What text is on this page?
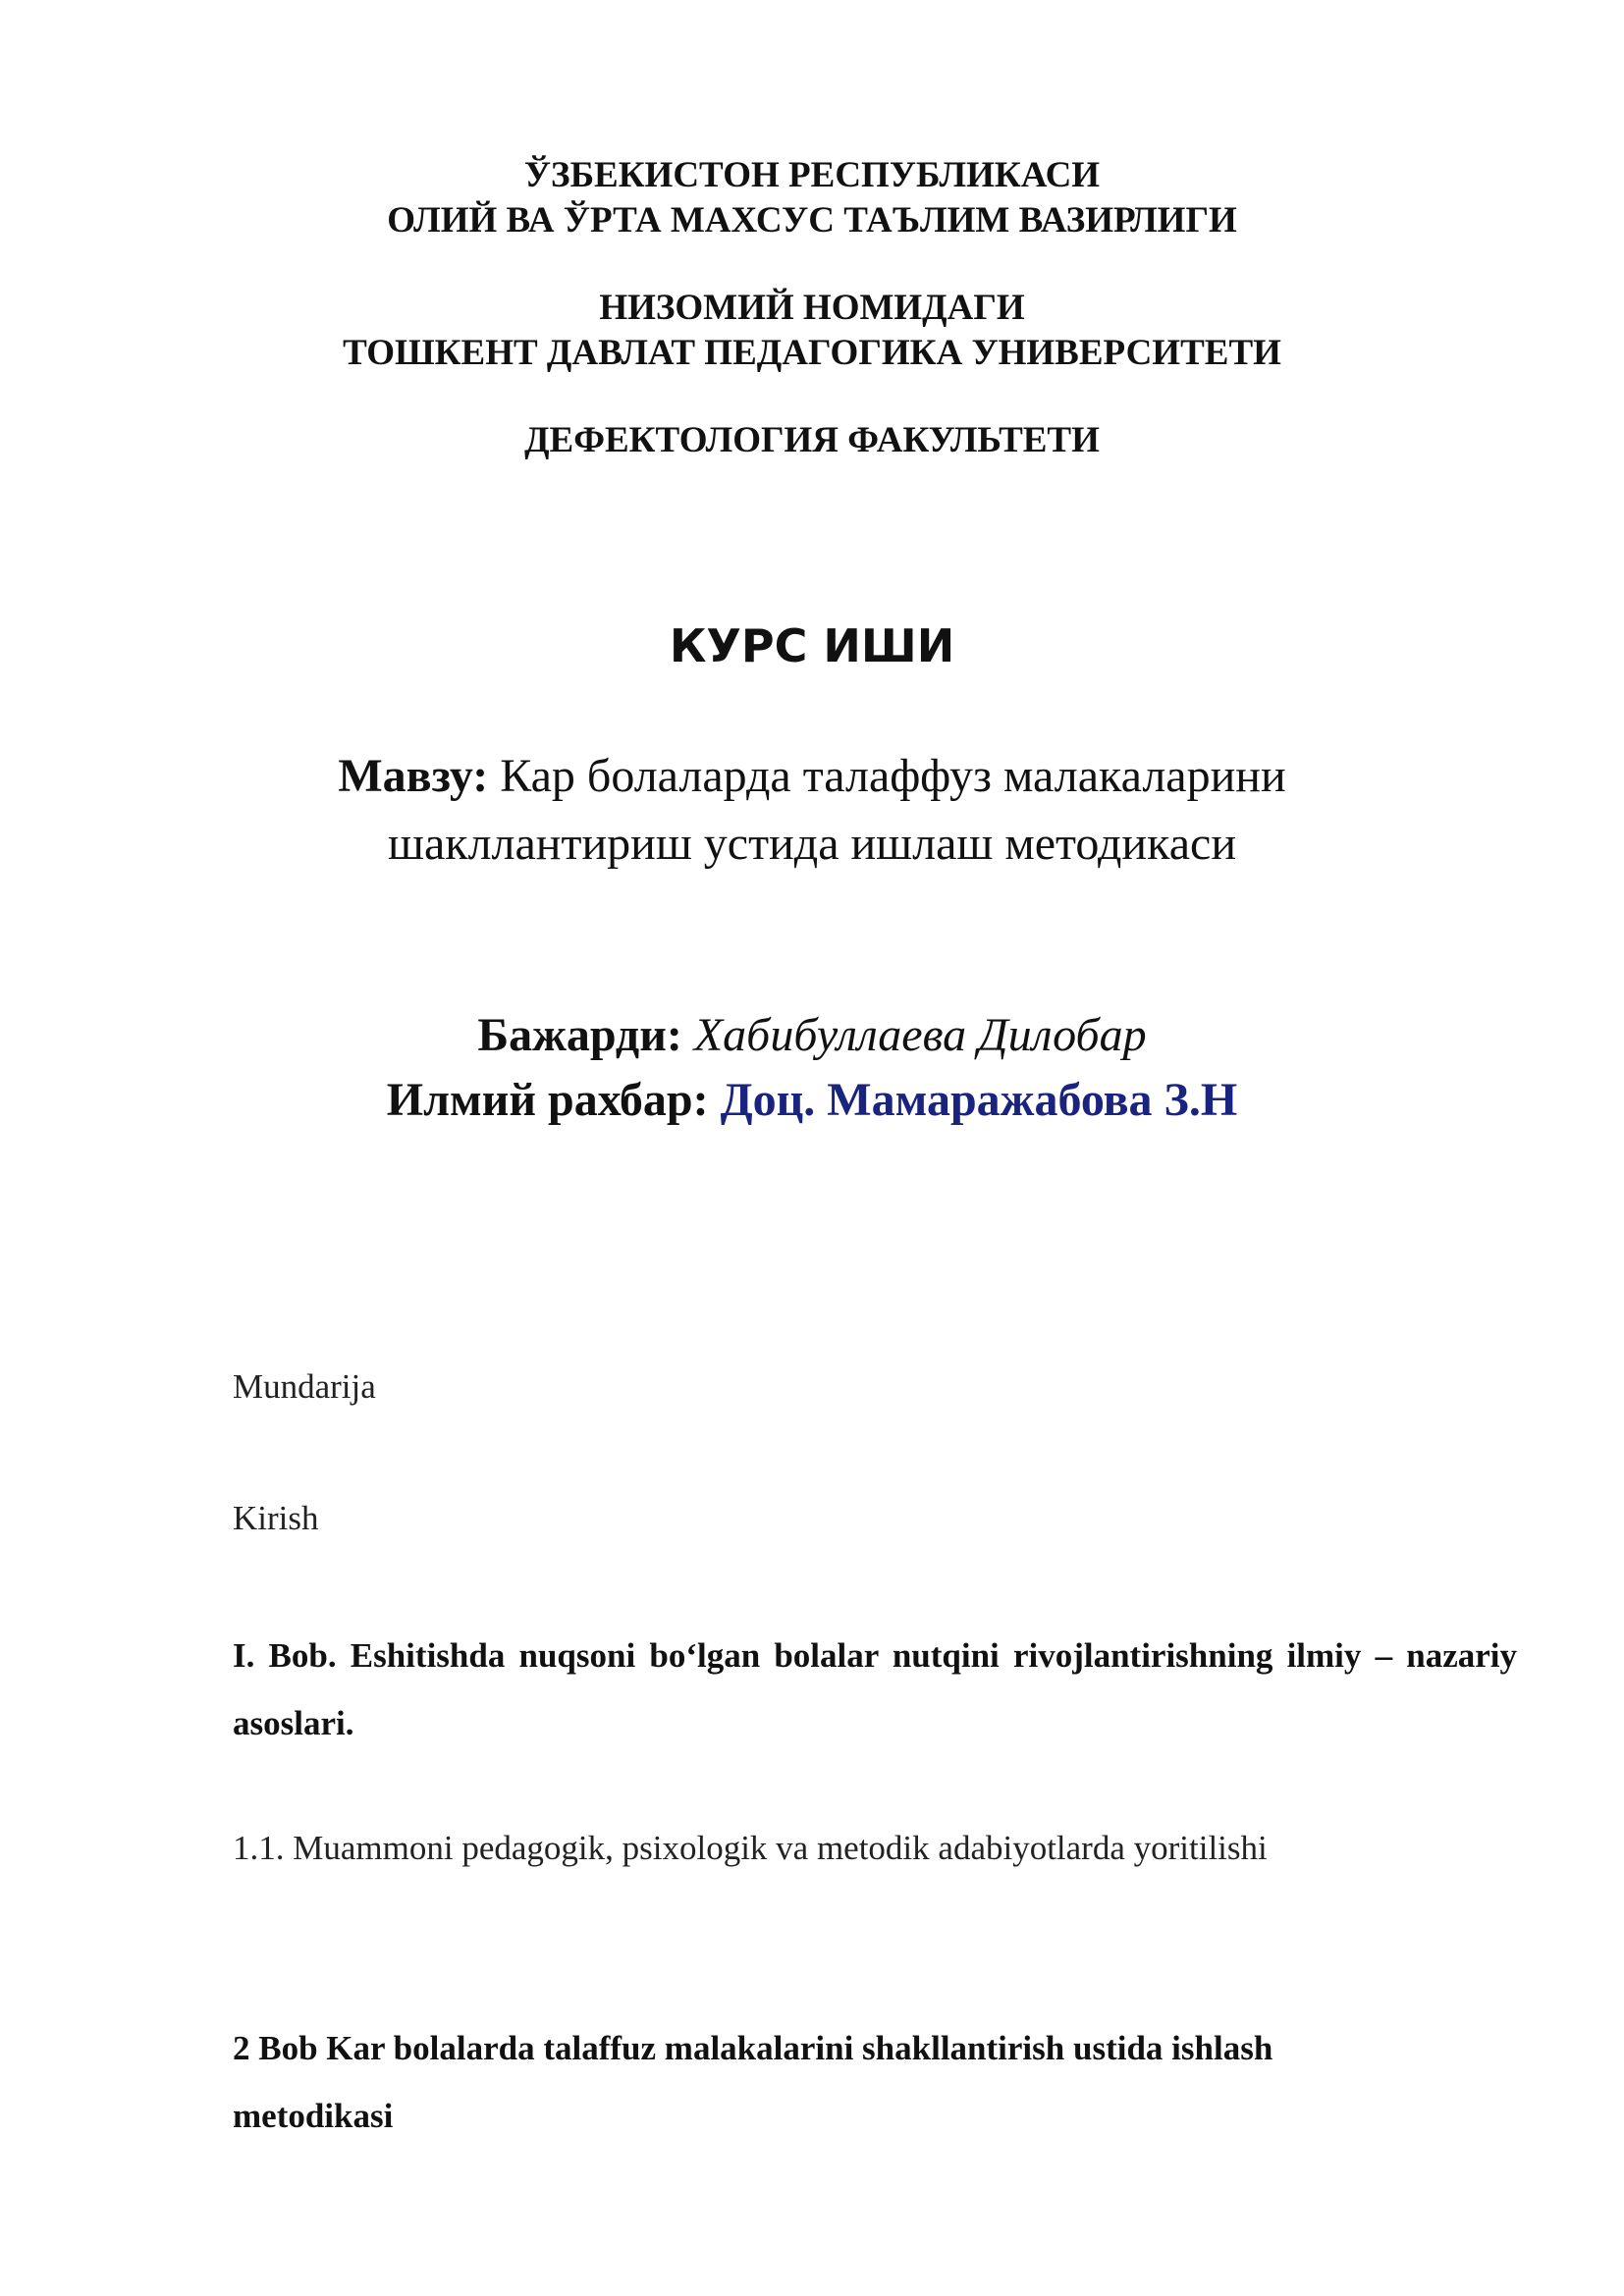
ЎЗБЕКИСТОН РЕСПУБЛИКАСИ
ОЛИЙ ВА ЎРТА МАХСУС ТАЪЛИМ ВАЗИРЛИГИ
НИЗОМИЙ НОМИДАГИ
ТОШКЕНТ ДАВЛАТ ПЕДАГОГИКА УНИВЕРСИТЕТИ
ДЕФЕКТОЛОГИЯ ФАКУЛЬТЕТИ
КУРС ИШИ
Мавзу: Кар болаларда талаффуз малакаларини
шакллантириш устида ишлаш методикаси
Бажарди: Хабибуллаева Дилобар
Илмий рахбар: Доц. Мамаражабова З.Н
Mundarija
Kirish
I. Bob. Eshitishda nuqsoni bo‘lgan bolalar nutqini rivojlantirishning ilmiy – nazariy asoslari.
1.1. Muammoni pedagogik, psixologik va metodik adabiyotlarda yoritilishi
2 Bob Kar bolalarda talaffuz malakalarini shakllantirish ustida ishlash metodikasi
